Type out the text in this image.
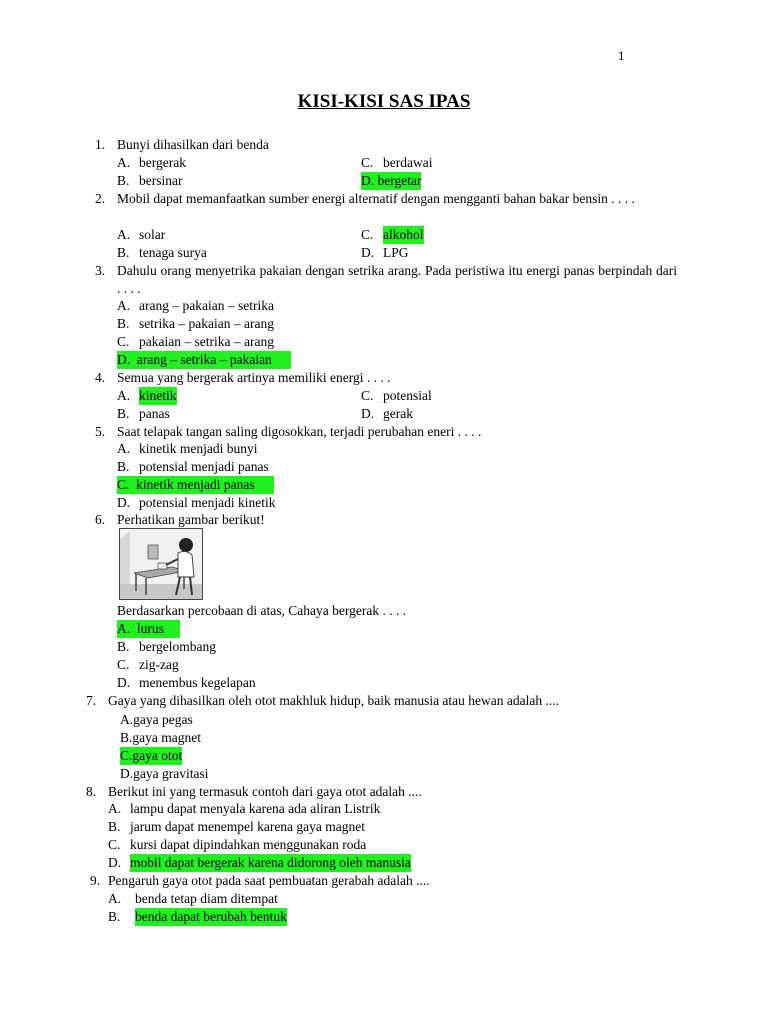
1
KISI-KISI SAS IPAS
1. Bunyi dihasilkan dari benda
A. bergerak	C. berdawai
B. bersinar	D. bergetar
2. Mobil dapat memanfaatkan sumber energi alternatif dengan mengganti bahan bakar bensin . . . .
A. solar	C. alkohol
B. tenaga surya	D. LPG
3. Dahulu orang menyetrika pakaian dengan setrika arang. Pada peristiwa itu energi panas berpindah dari . . . .
A. arang – pakaian – setrika
B. setrika – pakaian – arang
C. pakaian – setrika – arang
D. arang – setrika – pakaian
4. Semua yang bergerak artinya memiliki energi . . . .
A. kinetik	C. potensial
B. panas	D. gerak
5. Saat telapak tangan saling digosokkan, terjadi perubahan eneri . . . .
A. kinetik menjadi bunyi
B. potensial menjadi panas
C. kinetik menjadi panas
D. potensial menjadi kinetik
6. Perhatikan gambar berikut!
Berdasarkan percobaan di atas, Cahaya bergerak . . . .
A. lurus
B. bergelombang
C. zig-zag
D. menembus kegelapan
7. Gaya yang dihasilkan oleh otot makhluk hidup, baik manusia atau hewan adalah ....
A.gaya pegas
B.gaya magnet
C.gaya otot
D.gaya gravitasi
8. Berikut ini yang termasuk contoh dari gaya otot adalah ....
A. lampu dapat menyala karena ada aliran Listrik
B. jarum dapat menempel karena gaya magnet
C. kursi dapat dipindahkan menggunakan roda
D. mobil dapat bergerak karena didorong oleh manusia
9. Pengaruh gaya otot pada saat pembuatan gerabah adalah ....
A. benda tetap diam ditempat
B. benda dapat berubah bentuk
